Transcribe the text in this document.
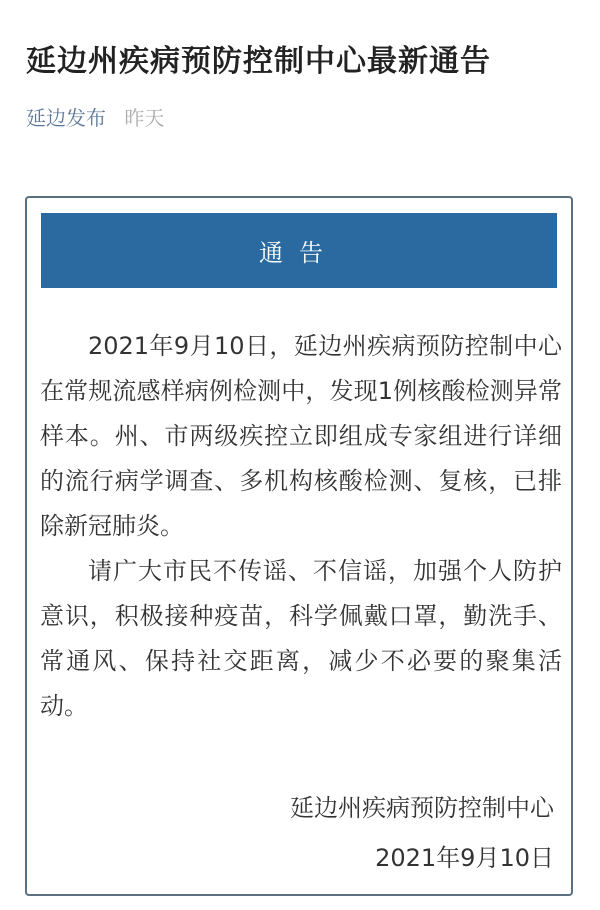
延边州疾病预防控制中心最新通告
延边发布 昨天
通告

2021年9月10日，延边州疾病预防控制中心在常规流感样病例检测中，发现1例核酸检测异常样本。州、市两级疾控立即组成专家组进行详细的流行病学调查、多机构核酸检测、复核，已排除新冠肺炎。

请广大市民不传谣、不信谣，加强个人防护意识，积极接种疫苗，科学佩戴口罩，勤洗手、常通风、保持社交距离，减少不必要的聚集活动。

延边州疾病预防控制中心
2021年9月10日
